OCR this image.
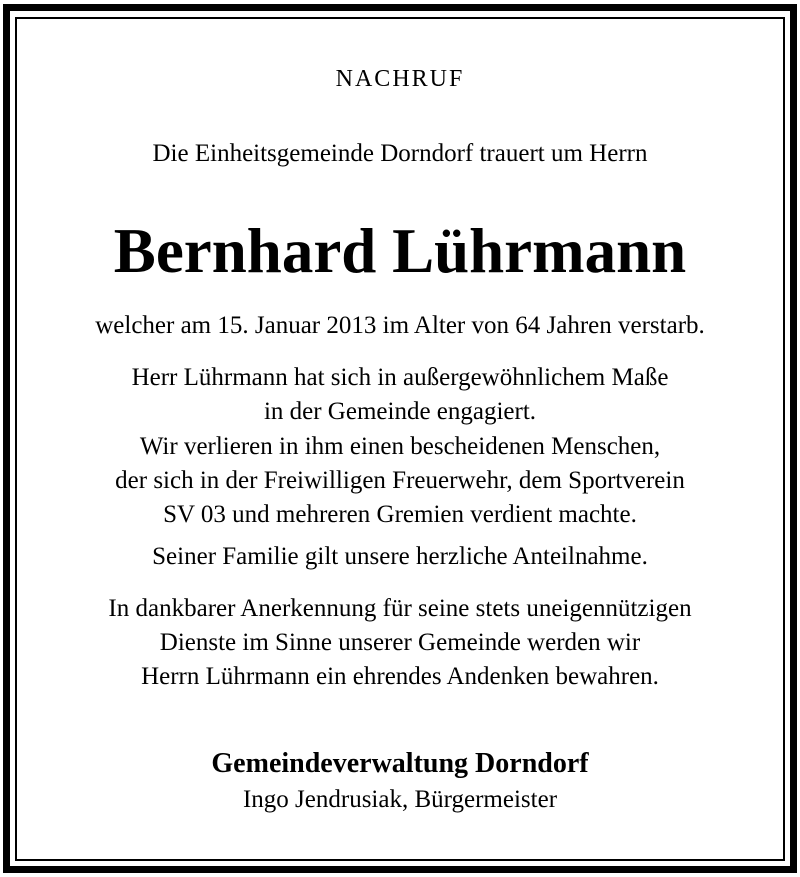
NACHRUF
Die Einheitsgemeinde Dorndorf trauert um Herrn
Bernhard Lührmann
welcher am 15. Januar 2013 im Alter von 64 Jahren verstarb.
Herr Lührmann hat sich in außergewöhnlichem Maße
in der Gemeinde engagiert.
Wir verlieren in ihm einen bescheidenen Menschen,
der sich in der Freiwilligen Freuerwehr, dem Sportverein
SV 03 und mehreren Gremien verdient machte.
Seiner Familie gilt unsere herzliche Anteilnahme.
In dankbarer Anerkennung für seine stets uneigennützigen
Dienste im Sinne unserer Gemeinde werden wir
Herrn Lührmann ein ehrendes Andenken bewahren.
Gemeindeverwaltung Dorndorf
Ingo Jendrusiak, Bürgermeister
